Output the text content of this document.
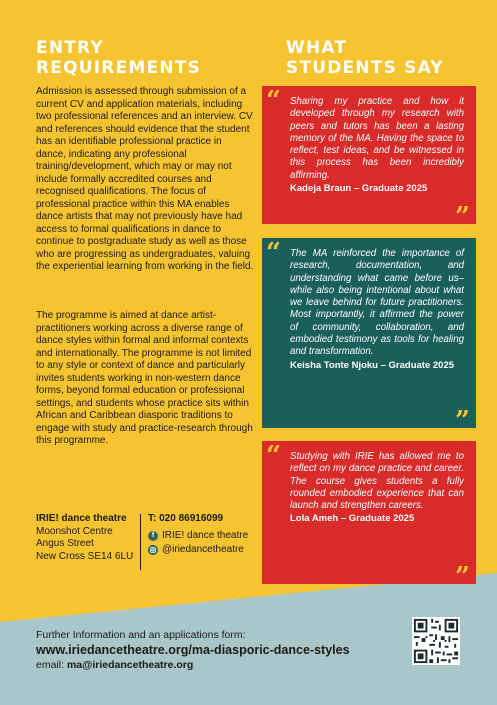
ENTRY
REQUIREMENTS
WHAT
STUDENTS SAY
Admission is assessed through submission of a current CV and application materials, including two professional references and an interview. CV and references should evidence that the student has an identifiable professional practice in dance, indicating any professional training/development, which may or may not include formally accredited courses and recognised qualifications. The focus of professional practice within this MA enables dance artists that may not previously have had access to formal qualifications in dance to continue to postgraduate study as well as those who are progressing as undergraduates, valuing the experiential learning from working in the field.
The programme is aimed at dance artist-practitioners working across a diverse range of dance styles within formal and informal contexts and internationally. The programme is not limited to any style or context of dance and particularly invites students working in non-western dance forms, beyond formal education or professional settings, and students whose practice sits within African and Caribbean diasporic traditions to engage with study and practice-research through this programme.
IRIE! dance theatre
Moonshot Centre
Angus Street
New Cross SE14 6LU
T: 020 86916099
f IRIE! dance theatre
@iriedancetheatre
“ Sharing my practice and how it developed through my research with peers and tutors has been a lasting memory of the MA. Having the space to reflect, test ideas, and be witnessed in this process has been incredibly affirming.
Kadeja Braun – Graduate 2025
”
“ The MA reinforced the importance of research, documentation, and understanding what came before us– while also being intentional about what we leave behind for future practitioners. Most importantly, it affirmed the power of community, collaboration, and embodied testimony as tools for healing and transformation.
Keisha Tonte Njoku – Graduate 2025
”
“ Studying with IRIE has allowed me to reflect on my dance practice and career. The course gives students a fully rounded embodied experience that can launch and strengthen careers.
Lola Ameh – Graduate 2025
”
Further Information and an applications form:
www.iriedancetheatre.org/ma-diasporic-dance-styles
email: ma@iriedancetheatre.org
